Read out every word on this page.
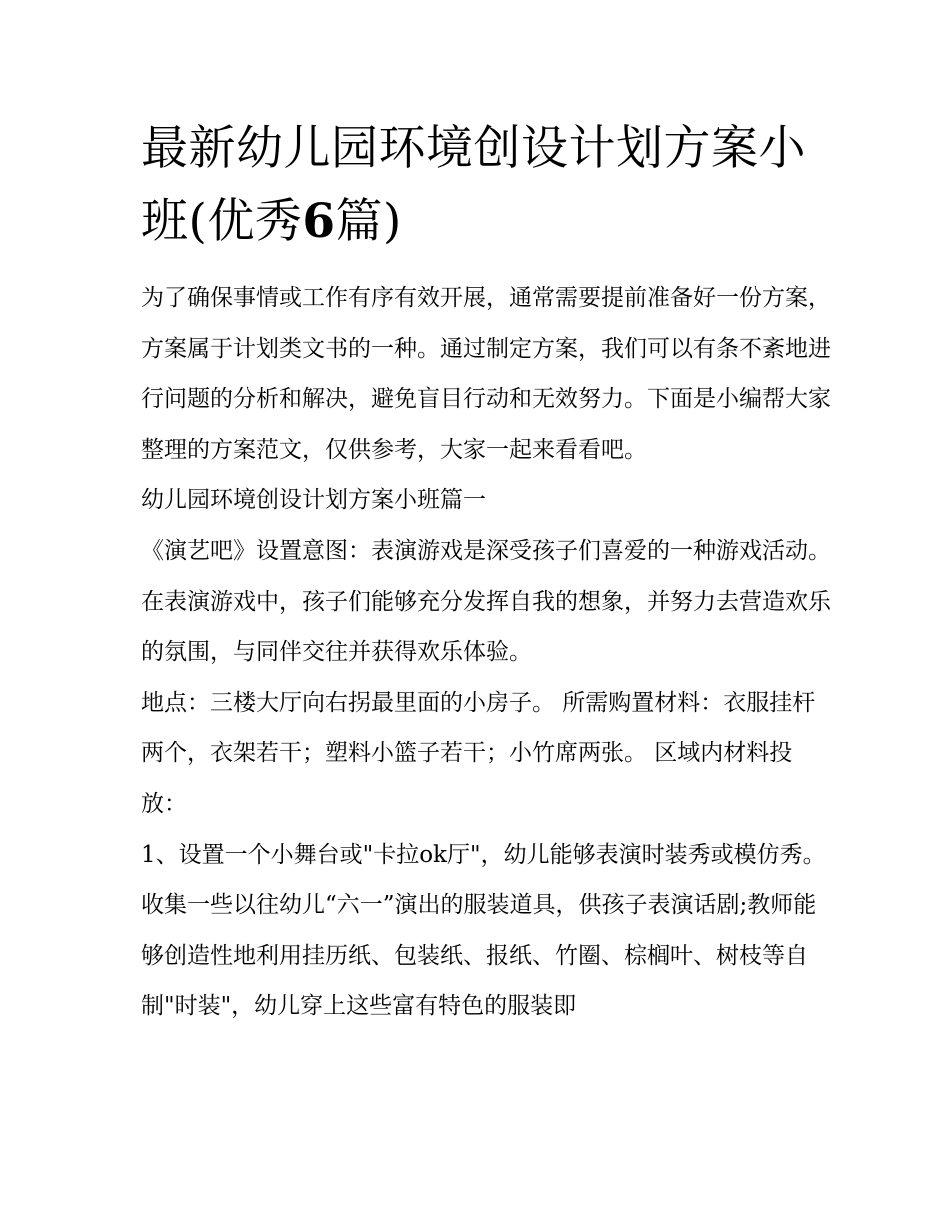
最新幼儿园环境创设计划方案小班(优秀6篇)

为了确保事情或工作有序有效开展，通常需要提前准备好一份方案，方案属于计划类文书的一种。通过制定方案，我们可以有条不紊地进行问题的分析和解决，避免盲目行动和无效努力。下面是小编帮大家整理的方案范文，仅供参考，大家一起来看看吧。

幼儿园环境创设计划方案小班篇一

《演艺吧》设置意图：表演游戏是深受孩子们喜爱的一种游戏活动。在表演游戏中，孩子们能够充分发挥自我的想象，并努力去营造欢乐的氛围，与同伴交往并获得欢乐体验。

地点：三楼大厅向右拐最里面的小房子。 所需购置材料：衣服挂杆两个，衣架若干；塑料小篮子若干；小竹席两张。 区域内材料投放：

1、设置一个小舞台或"卡拉ok厅"，幼儿能够表演时装秀或模仿秀。收集一些以往幼儿“六一”演出的服装道具，供孩子表演话剧;教师能够创造性地利用挂历纸、包装纸、报纸、竹圈、棕榈叶、树枝等自制"时装"，幼儿穿上这些富有特色的服装即
